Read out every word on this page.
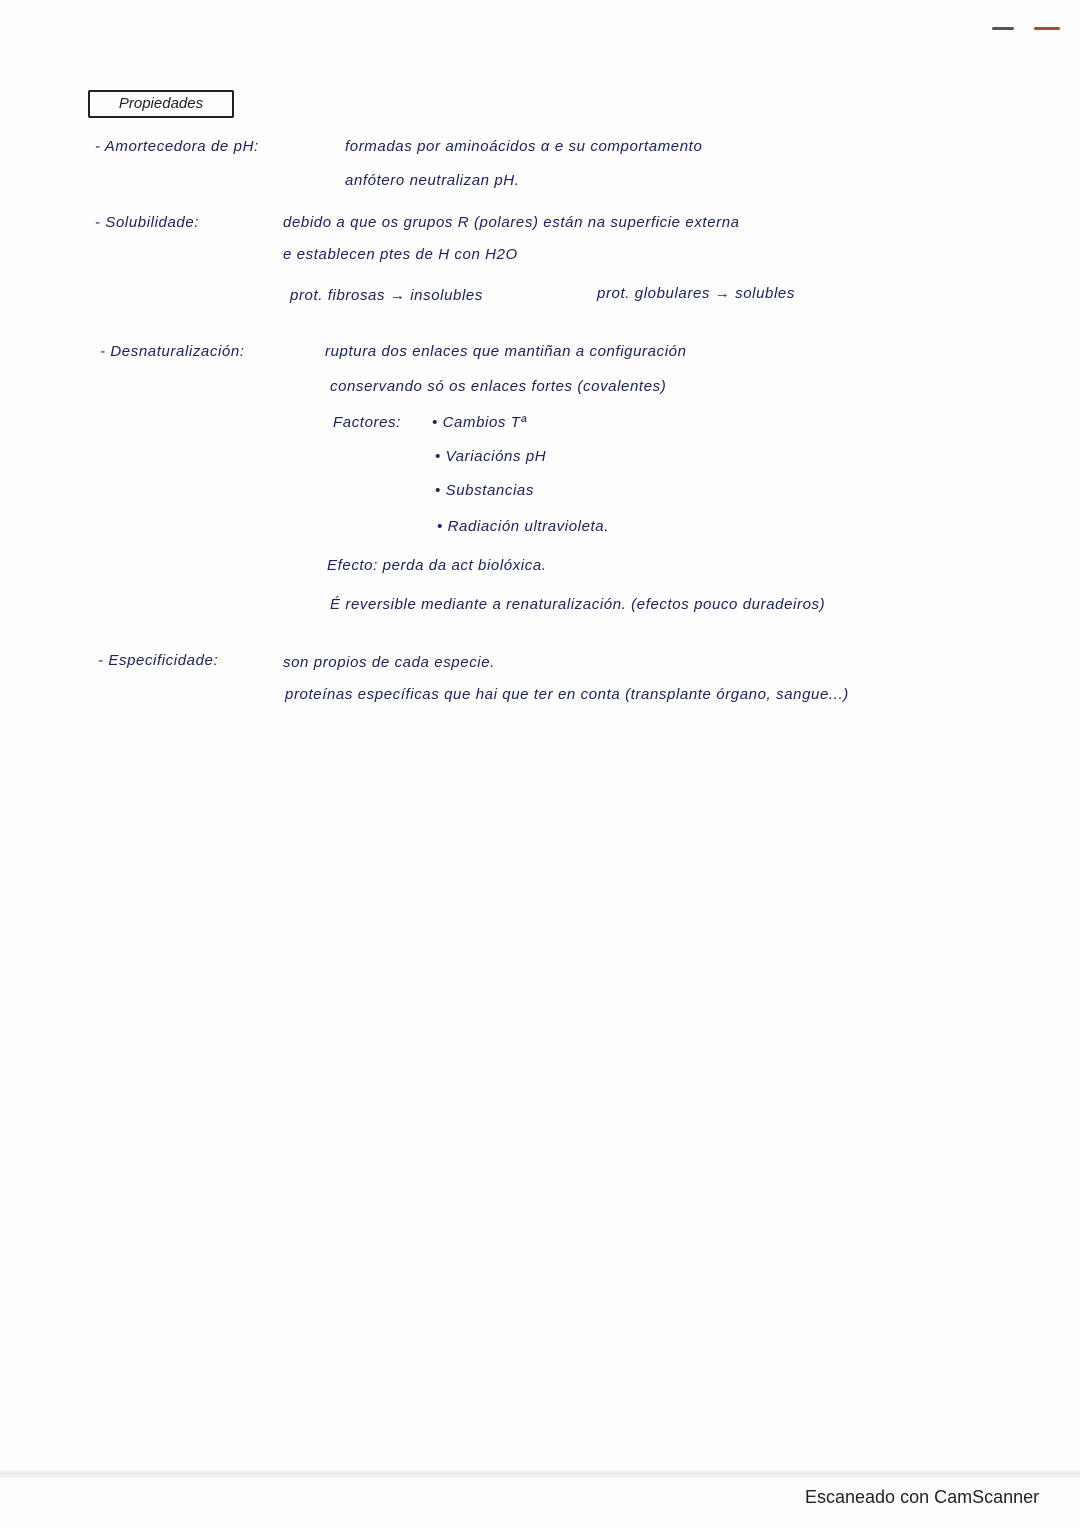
Propiedades
- Amortecedora de pH:	formadas por aminoácidos α e su comportamento
anfótero neutralizan pH.
- Solubilidade:	debido a que os grupos R (polares) están na superficie externa
e establecen ptes de H con H2O
prot. fibrosas → insolubles	prot. globulares → solubles
- Desnaturalización:	ruptura dos enlaces que mantiñan a configuración
conservando só os enlaces fortes (covalentes)
Factores: • Cambios Tª
• Variacións pH
• Substancias
• Radiación ultravioleta.
Efecto: perda da act biolóxica.
É reversible mediante a renaturalización. (efectos pouco duradeiros)
- Especificidade:	son propios de cada especie.
proteínas específicas que hai que ter en conta (transplante órgano, sangue...)
Escaneado con CamScanner
